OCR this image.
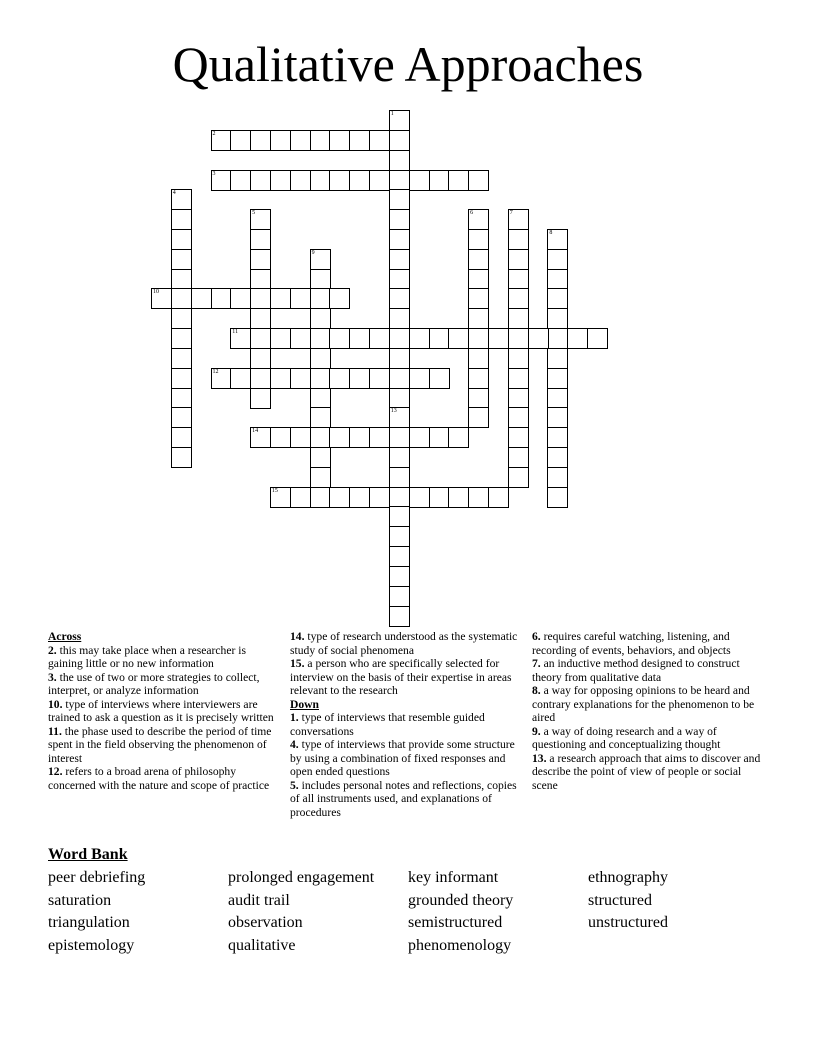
Qualitative Approaches
1
13
2
3
4
5	6	7
8
9
10
11
12
14
15
Across

2. this may take place when a researcher is gaining little or no new information

3. the use of two or more strategies to collect, interpret, or analyze information

10. type of interviews where interviewers are trained to ask a question as it is precisely written

11. the phase used to describe the period of time spent in the field observing the phenomenon of interest

12. refers to a broad arena of philosophy concerned with the nature and scope of practice

14. type of research understood as the systematic study of social phenomena

15. a person who are specifically selected for interview on the basis of their expertise in areas relevant to the research

Down

1. type of interviews that resemble guided conversations

4. type of interviews that provide some structure by using a combination of fixed responses and open ended questions

5. includes personal notes and reflections, copies of all instruments used, and explanations of procedures

6. requires careful watching, listening, and recording of events, behaviors, and objects

7. an inductive method designed to construct theory from qualitative data

8. a way for opposing opinions to be heard and contrary explanations for the phenomenon to be aired

9. a way of doing research and a way of questioning and conceptualizing thought

13. a research approach that aims to discover and describe the point of view of people or social scene

Word Bank
peer debriefing
saturation
triangulation
epistemology
prolonged engagement
audit trail
observation
qualitative
key informant
grounded theory
semistructured
phenomenology
ethnography
structured
unstructured
